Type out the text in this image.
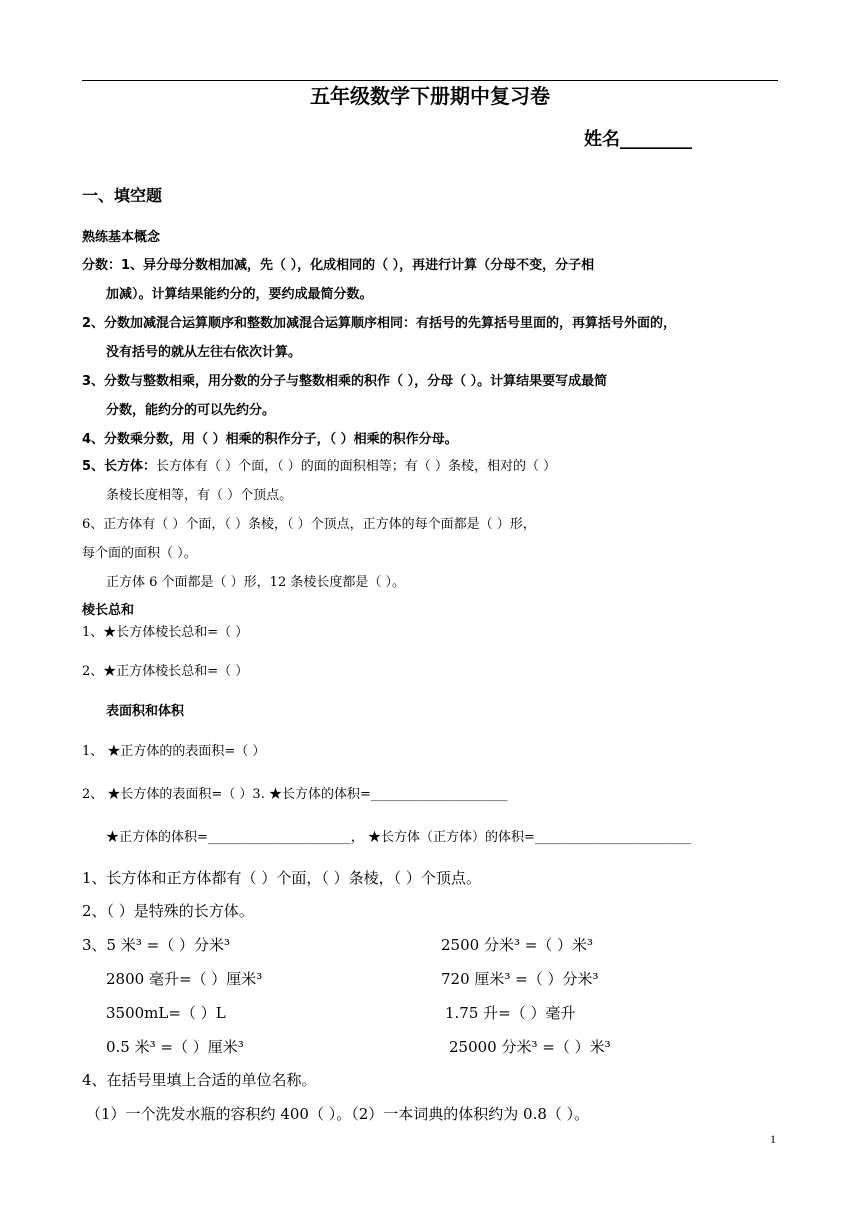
五年级数学下册期中复习卷
姓名________
一、填空题
熟练基本概念
分数：1、异分母分数相加减，先（ ），化成相同的（ ），再进行计算（分母不变，分子相
加减）。计算结果能约分的，要约成最简分数。
2、分数加减混合运算顺序和整数加减混合运算顺序相同：有括号的先算括号里面的，再算括号外面的，
没有括号的就从左往右依次计算。
3、分数与整数相乘，用分数的分子与整数相乘的积作（ ），分母（ ）。计算结果要写成最简
分数，能约分的可以先约分。
4、分数乘分数，用（ ）相乘的积作分子，（ ）相乘的积作分母。
5、长方体：长方体有（ ）个面，（ ）的面的面积相等；有（ ）条棱，相对的（ ）
条棱长度相等，有（ ）个顶点。
6、正方体有（ ）个面，（ ）条棱，（ ）个顶点，正方体的每个面都是（ ）形，
每个面的面积（ ）。
正方体 6 个面都是（ ）形，12 条棱长度都是（ ）。
棱长总和
1、★长方体棱长总和=（ ）
2、★正方体棱长总和=（ ）
表面积和体积
1、 ★正方体的的表面积=（ ）
2、 ★长方体的表面积=（ ）3. ★长方体的体积=_____________________
★正方体的体积=______________________， ★长方体（正方体）的体积=________________________
1、长方体和正方体都有（ ）个面，（ ）条棱，（ ）个顶点。
2、（ ）是特殊的长方体。
3、5 米³ =（ ）分米³	2500 分米³ =（ ）米³
2800 毫升=（ ）厘米³	720 厘米³ =（ ）分米³
3500mL=（ ）L	1.75 升=（ ）毫升
0.5 米³ =（ ）厘米³	25000 分米³ =（ ）米³
4、在括号里填上合适的单位名称。
（1）一个洗发水瓶的容积约 400（ ）。（2）一本词典的体积约为 0.8（ ）。
1
